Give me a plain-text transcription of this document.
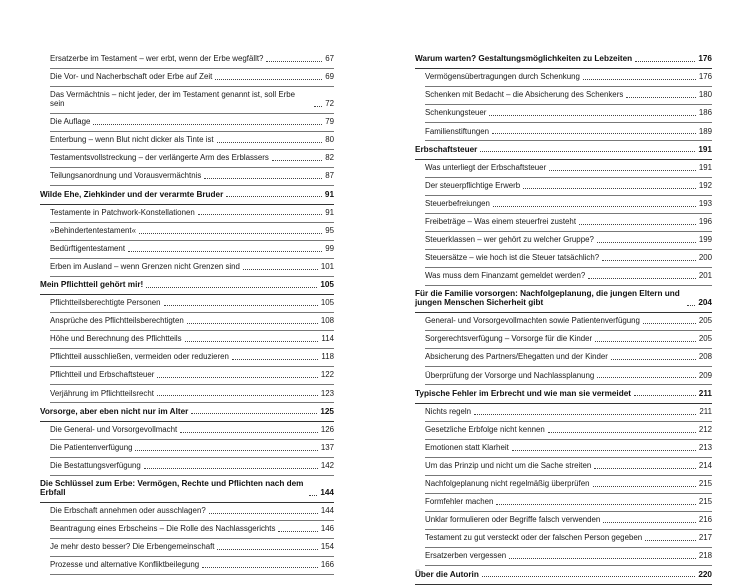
Ersatzerbe im Testament – wer erbt, wenn der Erbe wegfällt?	67
Die Vor- und Nacherbschaft oder Erbe auf Zeit	69
Das Vermächtnis – nicht jeder, der im Testament genannt ist, soll Erbe sein	72
Die Auflage	79
Enterbung – wenn Blut nicht dicker als Tinte ist	80
Testamentsvollstreckung – der verlängerte Arm des Erblassers	82
Teilungsanordnung und Vorausvermächtnis	87
Wilde Ehe, Ziehkinder und der verarmte Bruder	91
Testamente in Patchwork-Konstellationen	91
»Behindertentestament«	95
Bedürftigentestament	99
Erben im Ausland – wenn Grenzen nicht Grenzen sind	101
Mein Pflichtteil gehört mir!	105
Pflichtteilsberechtigte Personen	105
Ansprüche des Pflichtteilsberechtigten	108
Höhe und Berechnung des Pflichtteils	114
Pflichtteil ausschließen, vermeiden oder reduzieren	118
Pflichtteil und Erbschaftsteuer	122
Verjährung im Pflichtteilsrecht	123
Vorsorge, aber eben nicht nur im Alter	125
Die General- und Vorsorgevollmacht	126
Die Patientenverfügung	137
Die Bestattungsverfügung	142
Die Schlüssel zum Erbe: Vermögen, Rechte und Pflichten nach dem Erbfall	144
Die Erbschaft annehmen oder ausschlagen?	144
Beantragung eines Erbscheins – Die Rolle des Nachlassgerichts	146
Je mehr desto besser? Die Erbengemeinschaft	154
Prozesse und alternative Konfliktbeilegung	166
Warum warten? Gestaltungsmöglichkeiten zu Lebzeiten	176
Vermögensübertragungen durch Schenkung	176
Schenken mit Bedacht – die Absicherung des Schenkers	180
Schenkungsteuer	186
Familienstiftungen	189
Erbschaftsteuer	191
Was unterliegt der Erbschaftsteuer	191
Der steuerpflichtige Erwerb	192
Steuerbefreiungen	193
Freibeträge – Was einem steuerfrei zusteht	196
Steuerklassen – wer gehört zu welcher Gruppe?	199
Steuersätze – wie hoch ist die Steuer tatsächlich?	200
Was muss dem Finanzamt gemeldet werden?	201
Für die Familie vorsorgen: Nachfolgeplanung, die jungen Eltern und jungen Menschen Sicherheit gibt	204
General- und Vorsorgevollmachten sowie Patientenverfügung	205
Sorgerechtsverfügung – Vorsorge für die Kinder	205
Absicherung des Partners/Ehegatten und der Kinder	208
Überprüfung der Vorsorge und Nachlassplanung	209
Typische Fehler im Erbrecht und wie man sie vermeidet	211
Nichts regeln	211
Gesetzliche Erbfolge nicht kennen	212
Emotionen statt Klarheit	213
Um das Prinzip und nicht um die Sache streiten	214
Nachfolgeplanung nicht regelmäßig überprüfen	215
Formfehler machen	215
Unklar formulieren oder Begriffe falsch verwenden	216
Testament zu gut versteckt oder der falschen Person gegeben	217
Ersatzerben vergessen	218
Über die Autorin	220
